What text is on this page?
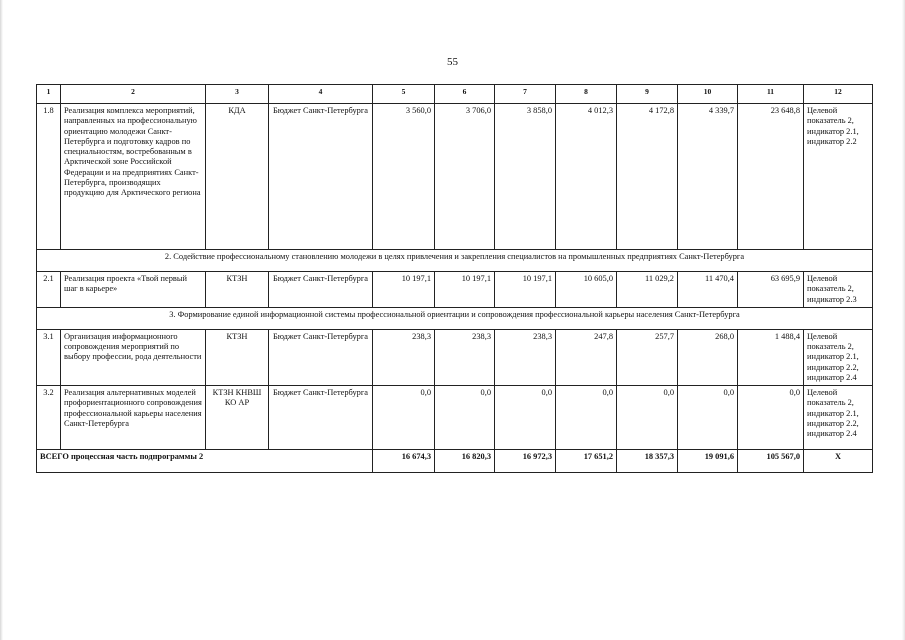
55
1	2	3	4	5	6	7	8	9	10	11	12
1.8	Реализация комплекса мероприятий, направленных на профессиональную ориентацию молодежи Санкт-Петербурга и подготовку кадров по специальностям, востребованным в Арктической зоне Российской Федерации и на предприятиях Санкт-Петербурга, производящих продукцию для Арктического региона	КДА	Бюджет Санкт-Петербурга	3 560,0	3 706,0	3 858,0	4 012,3	4 172,8	4 339,7	23 648,8	Целевой показатель 2, индикатор 2.1, индикатор 2.2
2. Содействие профессиональному становлению молодежи в целях привлечения и закрепления специалистов на промышленных предприятиях Санкт-Петербурга											
2.1	Реализация проекта «Твой первый шаг в карьере»	КТЗН	Бюджет Санкт-Петербурга	10 197,1	10 197,1	10 197,1	10 605,0	11 029,2	11 470,4	63 695,9	Целевой показатель 2, индикатор 2.3
3. Формирование единой информационной системы профессиональной ориентации и сопровождения профессиональной карьеры населения Санкт-Петербурга											
3.1	Организация информационного сопровождения мероприятий по выбору профессии, рода деятельности	КТЗН	Бюджет Санкт-Петербурга	238,3	238,3	238,3	247,8	257,7	268,0	1 488,4	Целевой показатель 2, индикатор 2.1, индикатор 2.2, индикатор 2.4
3.2	Реализация альтернативных моделей профориентационного сопровождения профессиональной карьеры населения Санкт-Петербурга	КТЗН КНВШ КО АР	Бюджет Санкт-Петербурга	0,0	0,0	0,0	0,0	0,0	0,0	0,0	Целевой показатель 2, индикатор 2.1, индикатор 2.2, индикатор 2.4
ВСЕГО процессная часть подпрограммы 2				16 674,3	16 820,3	16 972,3	17 651,2	18 357,3	19 091,6	105 567,0	Х
